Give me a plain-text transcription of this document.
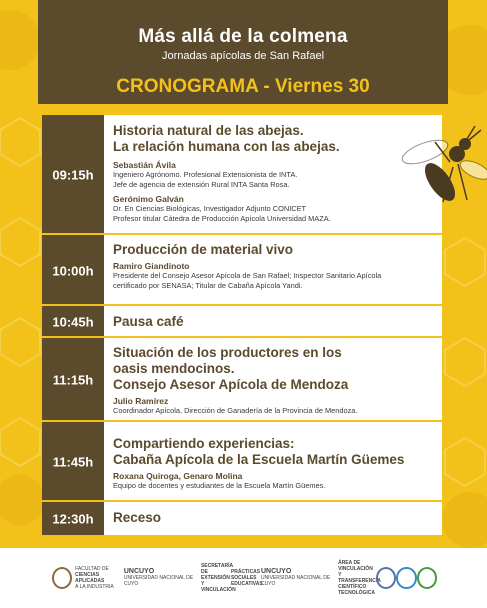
Más allá de la colmena
Jornadas apícolas de San Rafael
CRONOGRAMA - Viernes 30
09:15h
Historia natural de las abejas.
La relación humana con las abejas.
Sebastián Ávila
Ingeniero Agrónomo. Profesional Extensionista de INTA.
Jefe de agencia de extensión Rural INTA Santa Rosa.
Gerónimo Galván
Dr. En Ciencias Biológicas, Investigador Adjunto CONICET
Profesor titular Cátedra de Producción Apícola Universidad MAZA.
10:00h
Producción de material vivo
Ramiro Giandinoto
Presidente del Consejo Asesor Apícola de San Rafael; Inspector Sanitario Apícola
certificado por SENASA; Titular de Cabaña Apícola Yandi.
10:45h	Pausa café
11:15h
Situación de los productores en los
oasis mendocinos.
Consejo Asesor Apícola de Mendoza
Julio Ramírez
Coordinador Apícola, Dirección de Ganadería de la Provincia de Mendoza.
11:45h
Compartiendo experiencias:
Cabaña Apícola de la Escuela Martín Güemes
Roxana Quiroga, Genaro Molina
Equipo de docentes y estudiantes de la Escuela Martín Güemes.
12:30h	Receso
FACULTAD DE
CIENCIAS APLICADAS
A LA INDUSTRIA
UNCUYO
UNIVERSIDAD NACIONAL DE CUYO
SECRETARÍA DE EXTENSIÓN Y VINCULACIÓN
PRÁCTICAS SOCIALES EDUCATIVAS
UNCUYO
UNIVERSIDAD NACIONAL DE CUYO
ÁREA DE VINCULACIÓN Y TRANSFERENCIA CIENTÍFICO TECNOLÓGICA
